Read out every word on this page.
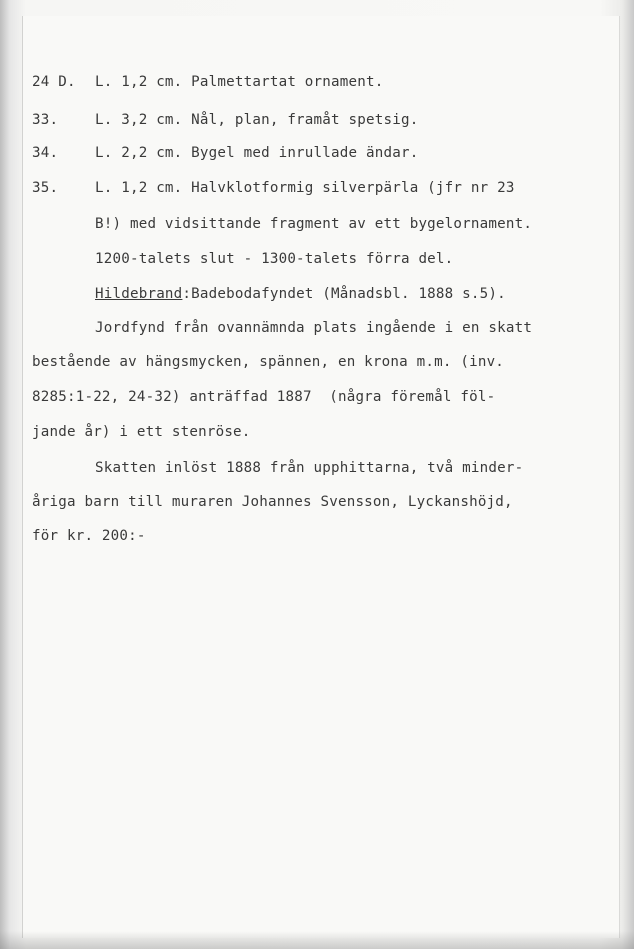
24 D. L. 1,2 cm. Palmettartat ornament.
33.	L. 3,2 cm. Nål, plan, framåt spetsig.
34.	L. 2,2 cm. Bygel med inrullade ändar.
35.	L. 1,2 cm. Halvklotformig silverpärla (jfr nr 23
B!) med vidsittande fragment av ett bygelornament.
1200-talets slut - 1300-talets förra del.
Hildebrand:Badebodafyndet (Månadsbl. 1888 s.5).
Jordfynd från ovannämnda plats ingående i en skatt
bestående av hängsmycken, spännen, en krona m.m. (inv.
8285:1-22, 24-32) anträffad 1887  (några föremål föl-
jande år) i ett stenröse.
Skatten inlöst 1888 från upphittarna, två minder-
åriga barn till muraren Johannes Svensson, Lyckanshöjd,
för kr. 200:-
